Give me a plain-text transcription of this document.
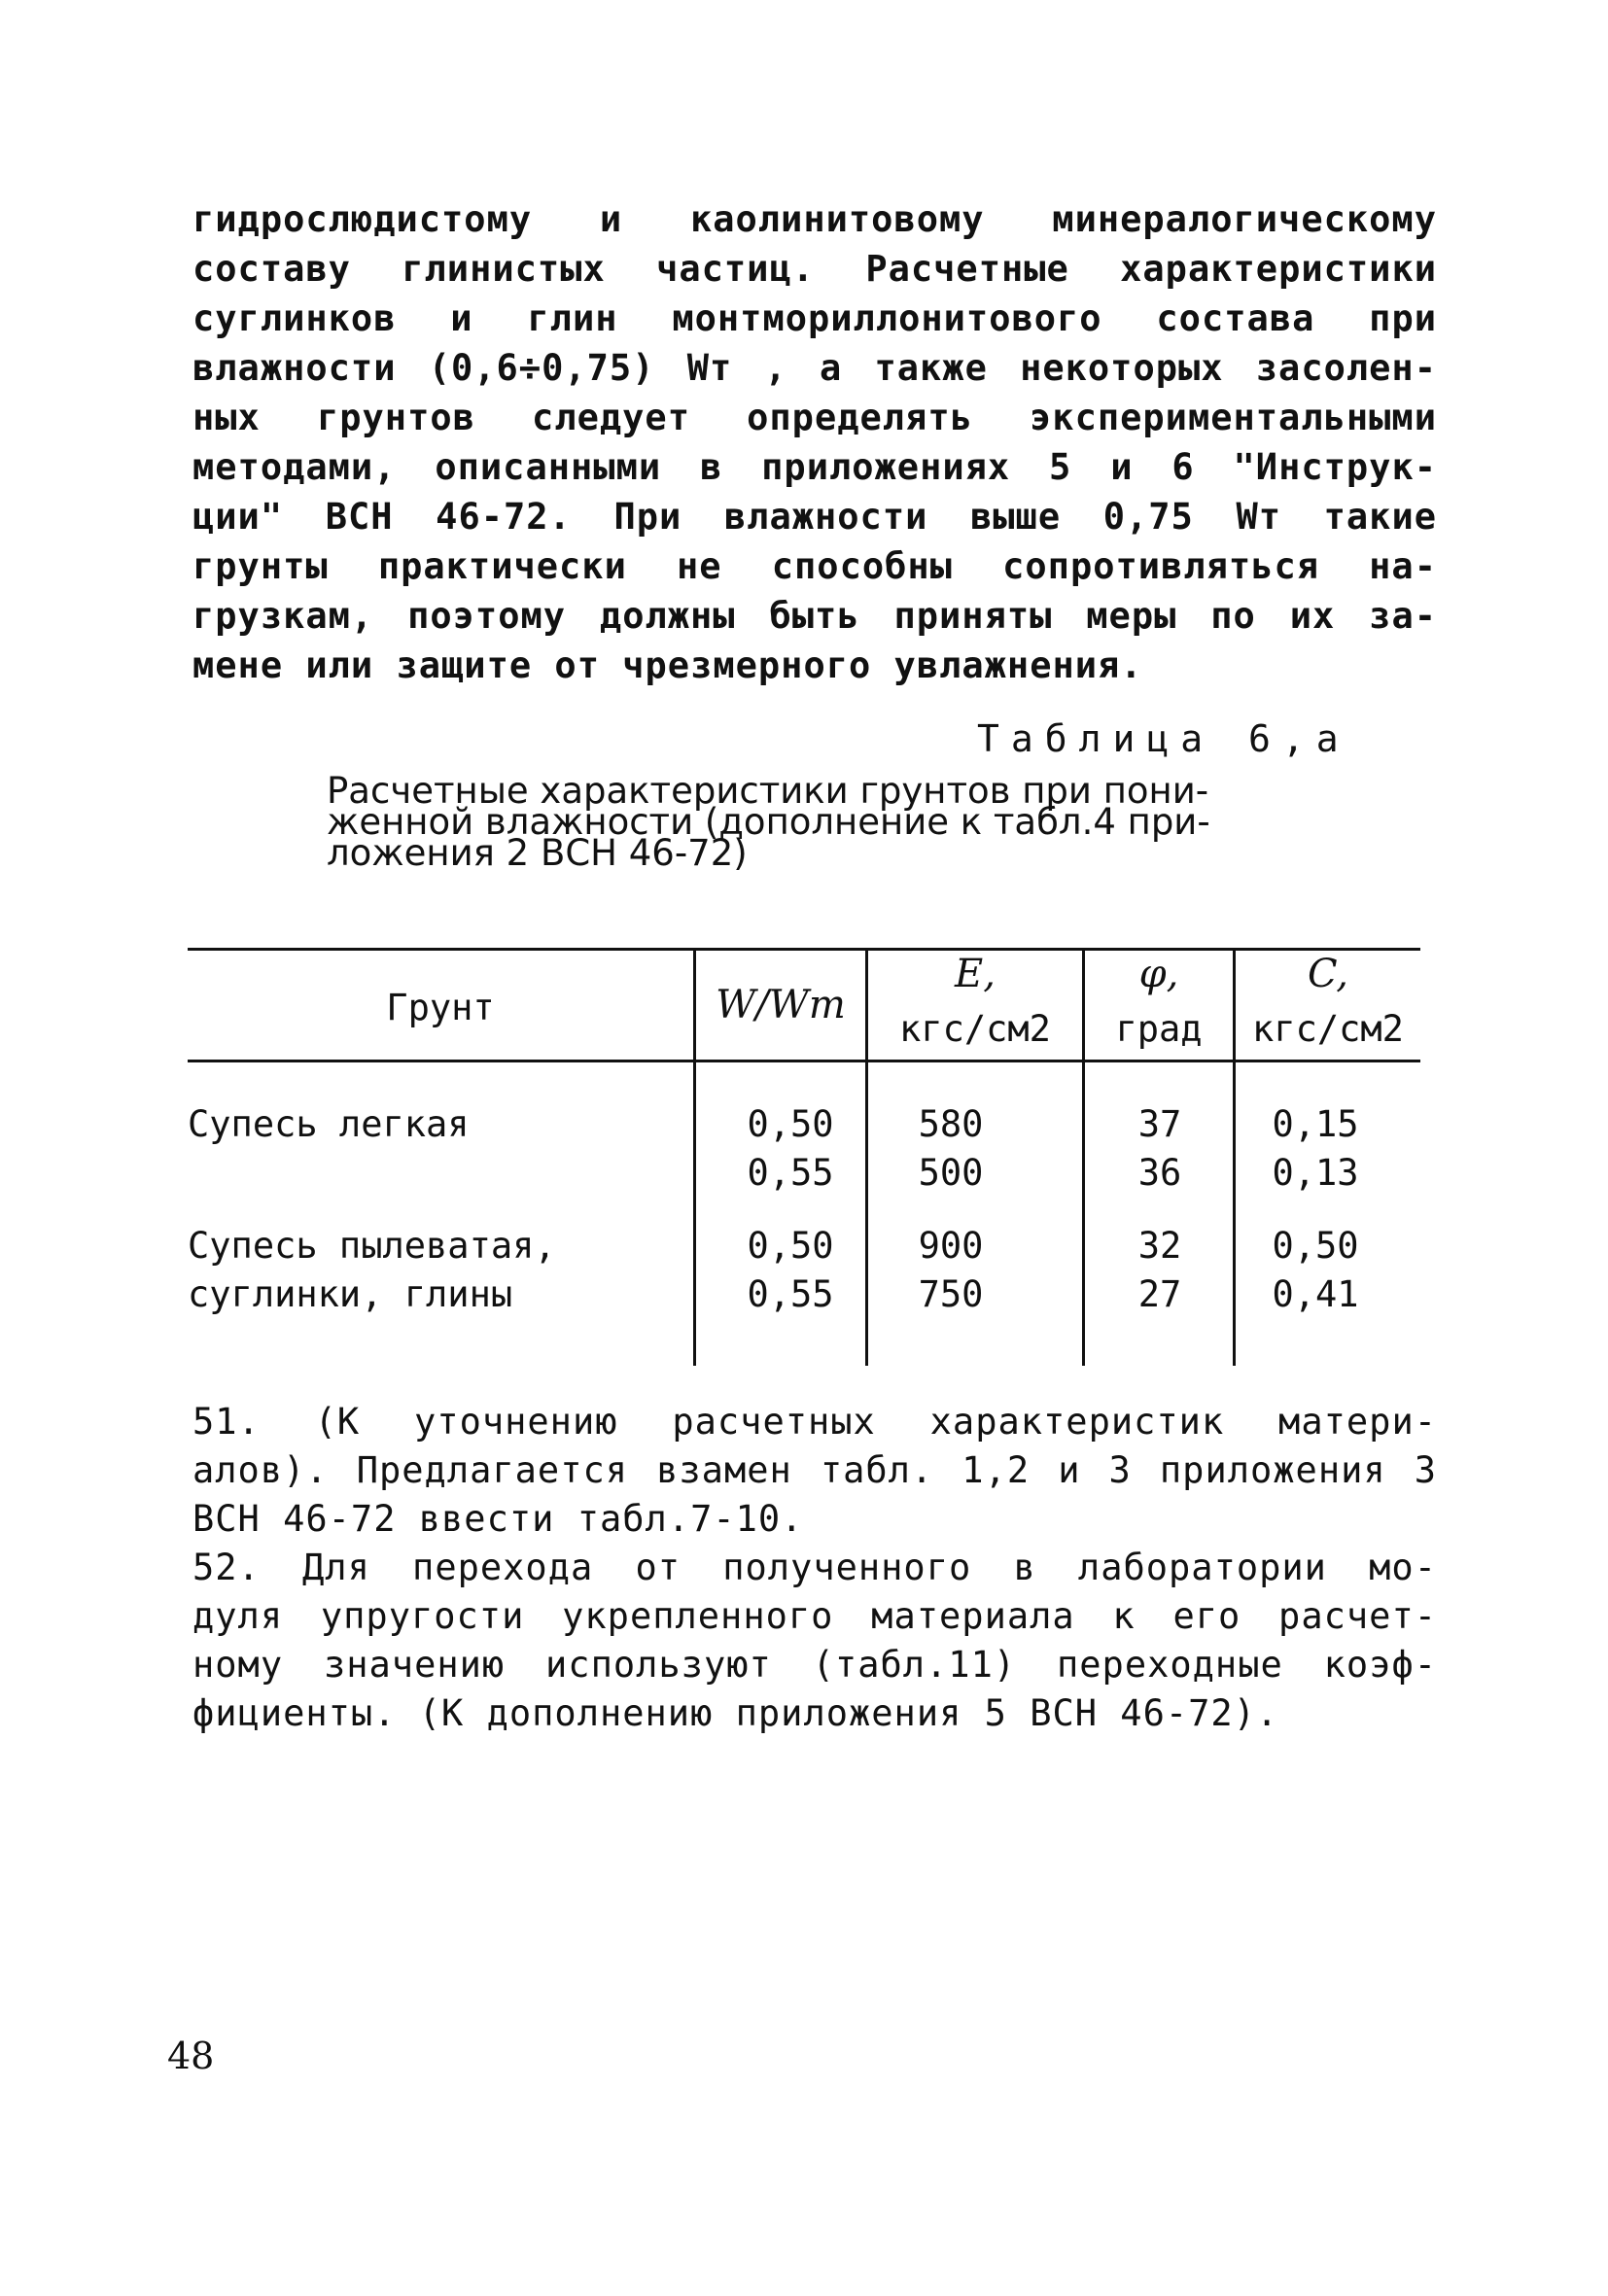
гидрослюдистому и каолинитовому минералогическому
составу глинистых частиц. Расчетные характеристики
суглинков и глин монтмориллонитового состава при
влажности (0,6÷0,75) Wт , а также некоторых засолен-
ных грунтов следует определять экспериментальными
методами, описанными в приложениях 5 и 6 "Инструк-
ции" ВСН 46-72. При влажности выше 0,75 Wт такие
грунты практически не способны сопротивляться на-
грузкам, поэтому должны быть приняты меры по их за-
мене или защите от чрезмерного увлажнения.
Таблица 6,а
Расчетные характеристики грунтов при пони-
женной влажности (дополнение к табл.4 при-
ложения 2 ВСН 46-72)
Грунт	W/Wт
E,
кгс/см2
φ,
град
C,
кгс/см2
Супесь легкая	0,50
0,55
580
500
37
36
0,15
0,13
Супесь пылеватая,
суглинки, глины
0,50
0,55
900
750
32
27
0,50
0,41
51. (К уточнению расчетных характеристик матери-
алов). Предлагается взамен табл. 1,2 и 3 приложения 3
ВСН 46-72 ввести табл.7-10.
52. Для перехода от полученного в лаборатории мо-
дуля упругости укрепленного материала к его расчет-
ному значению используют (табл.11) переходные коэф-
фициенты. (К дополнению приложения 5 ВСН 46-72).
48
